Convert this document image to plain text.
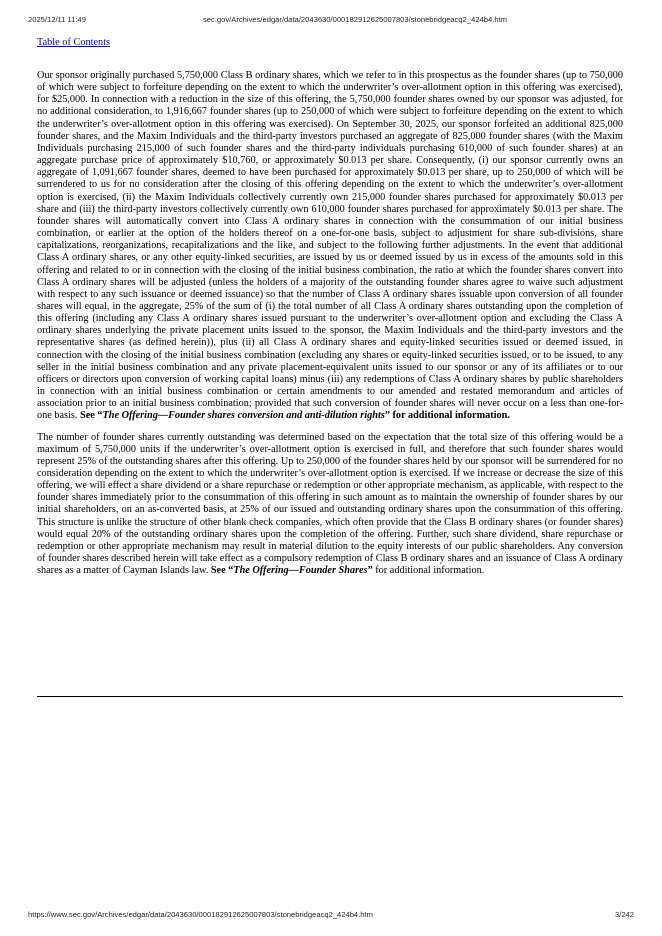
2025/12/11 11:49	sec.gov/Archives/edgar/data/2043630/000182912625007803/stonebridgeacq2_424b4.htm
Table of Contents

Our sponsor originally purchased 5,750,000 Class B ordinary shares, which we refer to in this prospectus as the founder shares (up to 750,000 of which were subject to forfeiture depending on the extent to which the underwriter’s over-allotment option in this offering was exercised), for $25,000. In connection with a reduction in the size of this offering, the 5,750,000 founder shares owned by our sponsor was adjusted, for no additional consideration, to 1,916,667 founder shares (up to 250,000 of which were subject to forfeiture depending on the extent to which the underwriter’s over-allotment option in this offering was exercised). On September 30, 2025, our sponsor forfeited an additional 825,000 founder shares, and the Maxim Individuals and the third-party investors purchased an aggregate of 825,000 founder shares (with the Maxim Individuals purchasing 215,000 of such founder shares and the third-party individuals purchasing 610,000 of such founder shares) at an aggregate purchase price of approximately $10,760, or approximately $0.013 per share. Consequently, (i) our sponsor currently owns an aggregate of 1,091,667 founder shares, deemed to have been purchased for approximately $0.013 per share, up to 250,000 of which will be surrendered to us for no consideration after the closing of this offering depending on the extent to which the underwriter’s over-allotment option is exercised, (ii) the Maxim Individuals collectively currently own 215,000 founder shares purchased for approximately $0.013 per share and (iii) the third-party investors collectively currently own 610,000 founder shares purchased for approximately $0.013 per share. The founder shares will automatically convert into Class A ordinary shares in connection with the consummation of our initial business combination, or earlier at the option of the holders thereof on a one-for-one basis, subject to adjustment for share sub-divisions, share capitalizations, reorganizations, recapitalizations and the like, and subject to the following further adjustments. In the event that additional Class A ordinary shares, or any other equity-linked securities, are issued by us or deemed issued by us in excess of the amounts sold in this offering and related to or in connection with the closing of the initial business combination, the ratio at which the founder shares convert into Class A ordinary shares will be adjusted (unless the holders of a majority of the outstanding founder shares agree to waive such adjustment with respect to any such issuance or deemed issuance) so that the number of Class A ordinary shares issuable upon conversion of all founder shares will equal, in the aggregate, 25% of the sum of (i) the total number of all Class A ordinary shares outstanding upon the completion of this offering (including any Class A ordinary shares issued pursuant to the underwriter’s over-allotment option and excluding the Class A ordinary shares underlying the private placement units issued to the sponsor, the Maxim Individuals and the third-party investors and the representative shares (as defined herein)), plus (ii) all Class A ordinary shares and equity-linked securities issued or deemed issued, in connection with the closing of the initial business combination (excluding any shares or equity-linked securities issued, or to be issued, to any seller in the initial business combination and any private placement-equivalent units issued to our sponsor or any of its affiliates or to our officers or directors upon conversion of working capital loans) minus (iii) any redemptions of Class A ordinary shares by public shareholders in connection with an initial business combination or certain amendments to our amended and restated memorandum and articles of association prior to an initial business combination; provided that such conversion of founder shares will never occur on a less than one-for-one basis. See “The Offering—Founder shares conversion and anti-dilution rights” for additional information.

The number of founder shares currently outstanding was determined based on the expectation that the total size of this offering would be a maximum of 5,750,000 units if the underwriter’s over-allotment option is exercised in full, and therefore that such founder shares would represent 25% of the outstanding shares after this offering. Up to 250,000 of the founder shares held by our sponsor will be surrendered for no consideration depending on the extent to which the underwriter’s over-allotment option is exercised. If we increase or decrease the size of this offering, we will effect a share dividend or a share repurchase or redemption or other appropriate mechanism, as applicable, with respect to the founder shares immediately prior to the consummation of this offering in such amount as to maintain the ownership of founder shares by our initial shareholders, on an as-converted basis, at 25% of our issued and outstanding ordinary shares upon the consummation of this offering. This structure is unlike the structure of other blank check companies, which often provide that the Class B ordinary shares (or founder shares) would equal 20% of the outstanding ordinary shares upon the completion of the offering. Further, such share dividend, share repurchase or redemption or other appropriate mechanism may result in material dilution to the equity interests of our public shareholders. Any conversion of founder shares described herein will take effect as a compulsory redemption of Class B ordinary shares and an issuance of Class A ordinary shares as a matter of Cayman Islands law. See “The Offering—Founder Shares” for additional information.

https://www.sec.gov/Archives/edgar/data/2043630/000182912625007803/stonebridgeacq2_424b4.htm	3/242
